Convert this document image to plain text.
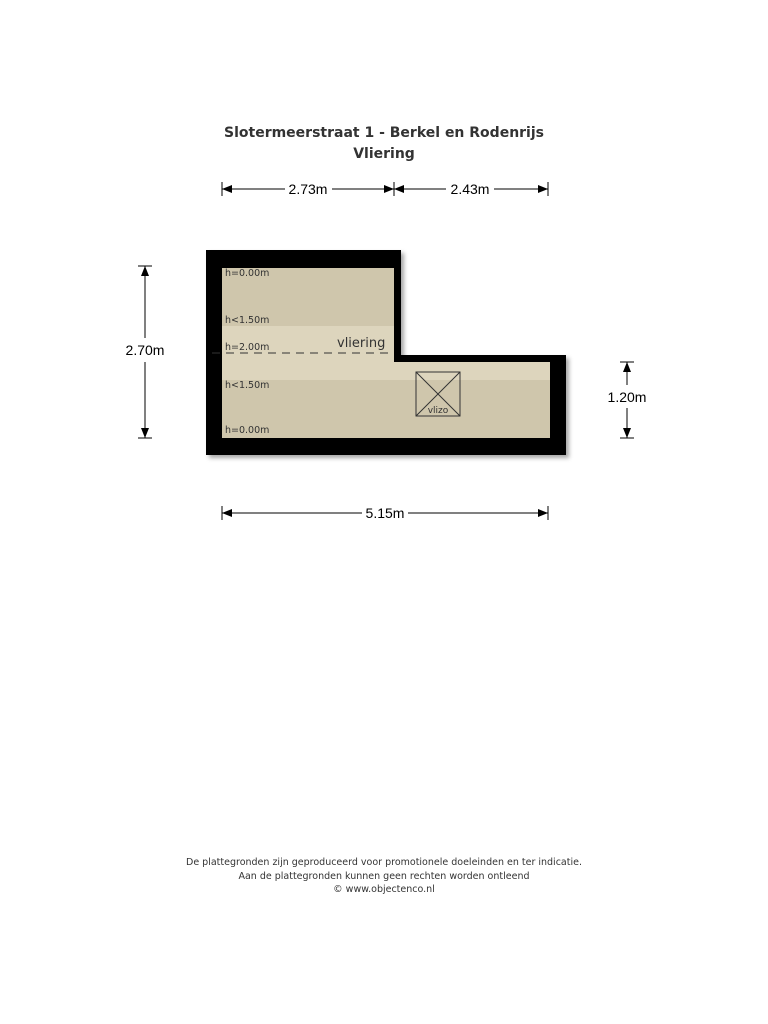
Slotermeerstraat 1 - Berkel en Rodenrijs
Vliering
h=0.00m
h<1.50m
h=2.00m
h<1.50m
h=0.00m
vliering
vlizo
2.73m	2.43m
2.70m
1.20m
5.15m
De plattegronden zijn geproduceerd voor promotionele doeleinden en ter indicatie.
Aan de plattegronden kunnen geen rechten worden ontleend
© www.objectenco.nl
